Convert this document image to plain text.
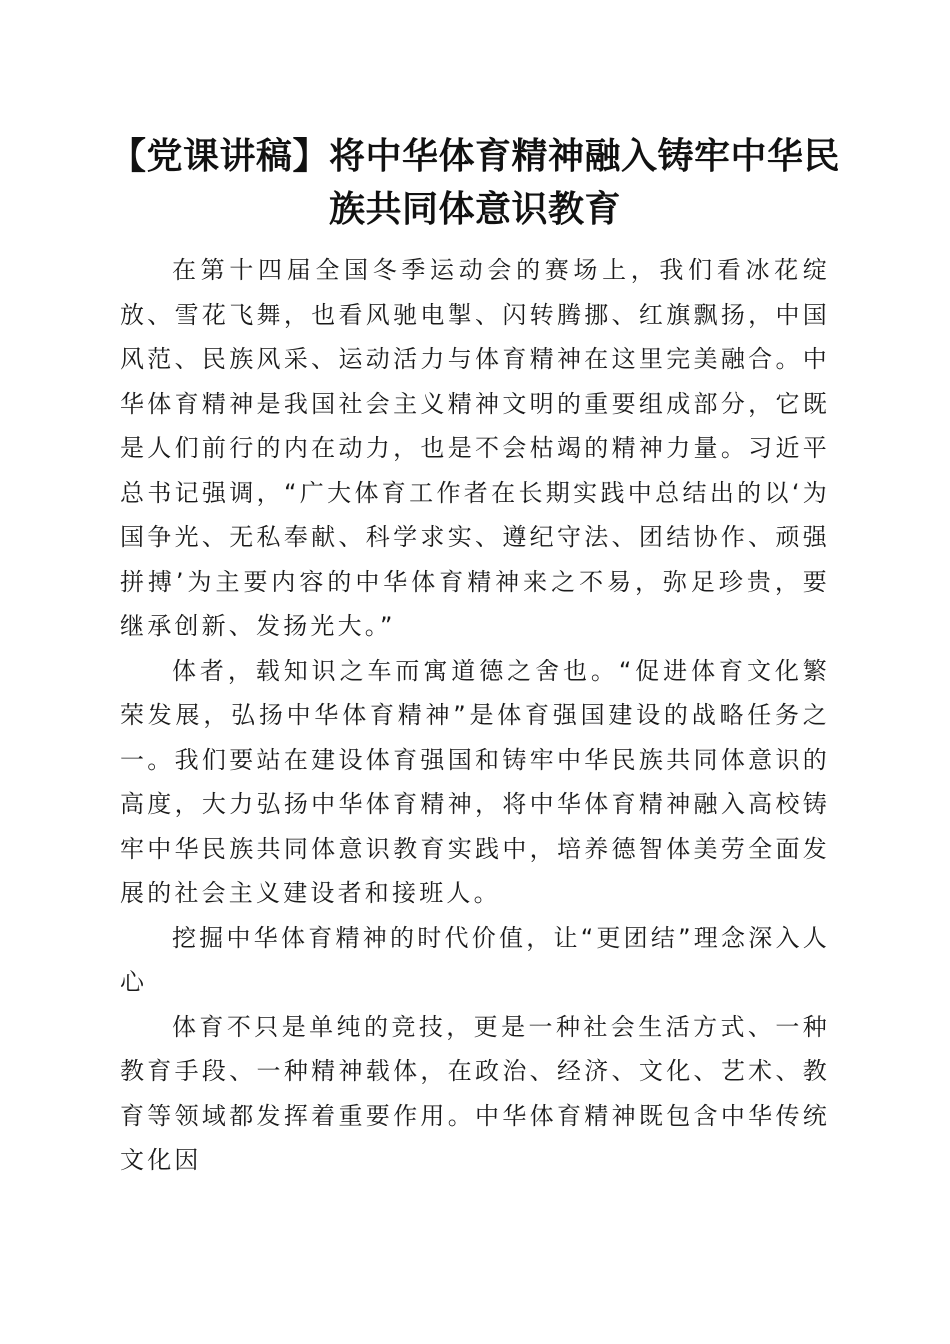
【党课讲稿】将中华体育精神融入铸牢中华民
族共同体意识教育

在第十四届全国冬季运动会的赛场上，我们看冰花绽放、雪花飞舞，也看风驰电掣、闪转腾挪、红旗飘扬，中国风范、民族风采、运动活力与体育精神在这里完美融合。中华体育精神是我国社会主义精神文明的重要组成部分，它既是人们前行的内在动力，也是不会枯竭的精神力量。习近平总书记强调，“广大体育工作者在长期实践中总结出的以‘为国争光、无私奉献、科学求实、遵纪守法、团结协作、顽强拼搏’为主要内容的中华体育精神来之不易，弥足珍贵，要继承创新、发扬光大。”

体者，载知识之车而寓道德之舍也。“促进体育文化繁荣发展，弘扬中华体育精神”是体育强国建设的战略任务之一。我们要站在建设体育强国和铸牢中华民族共同体意识的高度，大力弘扬中华体育精神，将中华体育精神融入高校铸牢中华民族共同体意识教育实践中，培养德智体美劳全面发展的社会主义建设者和接班人。

挖掘中华体育精神的时代价值，让“更团结”理念深入人心

体育不只是单纯的竞技，更是一种社会生活方式、一种教育手段、一种精神载体，在政治、经济、文化、艺术、教育等领域都发挥着重要作用。中华体育精神既包含中华传统文化因
